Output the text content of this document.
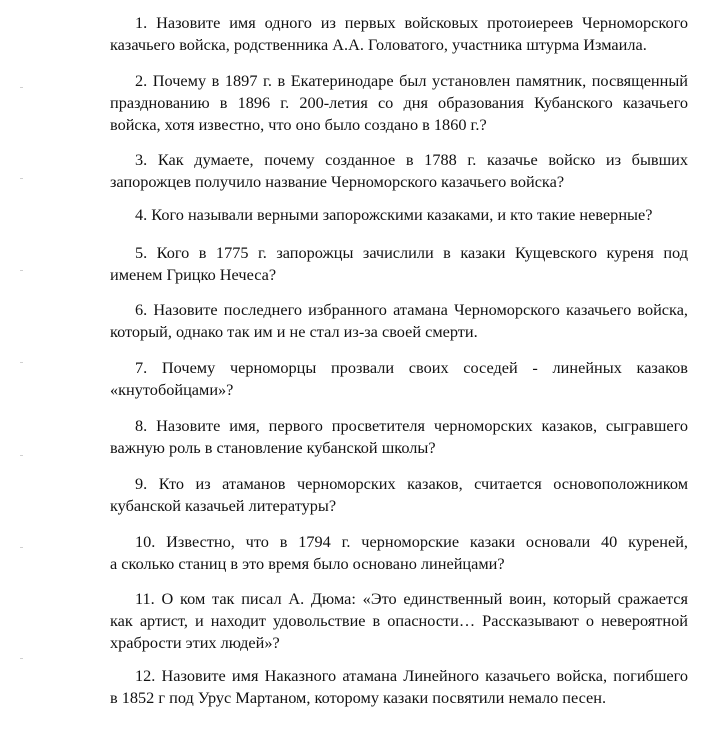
1. Назовите имя одного из первых войсковых протоиереев Черноморского
казачьего войска, родственника А.А. Головатого, участника штурма Измаила.

2. Почему в 1897 г. в Екатеринодаре был установлен памятник, посвященный
празднованию в 1896 г. 200-летия со дня образования Кубанского казачьего
войска, хотя известно, что оно было создано в 1860 г.?

3. Как думаете, почему созданное в 1788 г. казачье войско из бывших
запорожцев получило название Черноморского казачьего войска?

4. Кого называли верными запорожскими казаками, и кто такие неверные?

5. Кого в 1775 г. запорожцы зачислили в казаки Кущевского куреня под
именем Грицко Нечеса?

6. Назовите последнего избранного атамана Черноморского казачьего войска,
который, однако так им и не стал из-за своей смерти.

7. Почему черноморцы прозвали своих соседей - линейных казаков
«кнутобойцами»?

8. Назовите имя, первого просветителя черноморских казаков, сыгравшего
важную роль в становление кубанской школы?

9. Кто из атаманов черноморских казаков, считается основоположником
кубанской казачьей литературы?

10. Известно, что в 1794 г. черноморские казаки основали 40 куреней,
а сколько станиц в это время было основано линейцами?

11. О ком так писал А. Дюма: «Это единственный воин, который сражается
как артист, и находит удовольствие в опасности… Рассказывают о невероятной
храбрости этих людей»?

12. Назовите имя Наказного атамана Линейного казачьего войска, погибшего
в 1852 г под Урус Мартаном, которому казаки посвятили немало песен.
